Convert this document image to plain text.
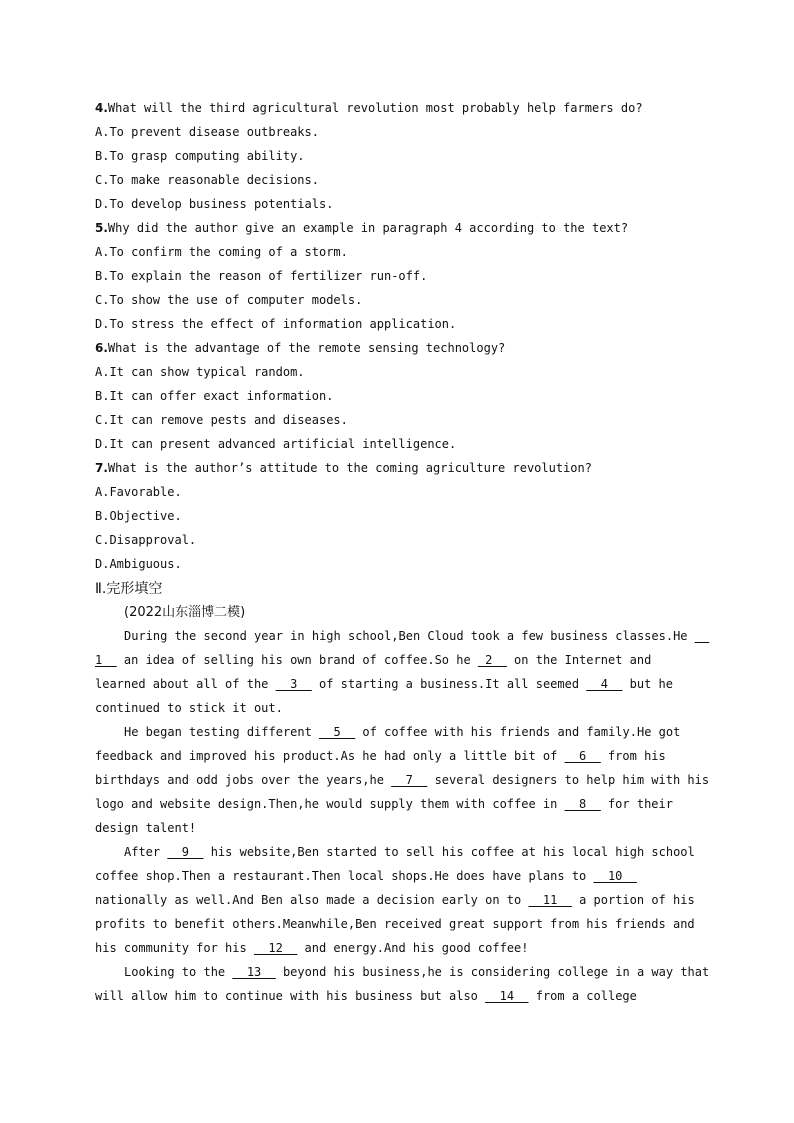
4.What will the third agricultural revolution most probably help farmers do?
A.To prevent disease outbreaks.
B.To grasp computing ability.
C.To make reasonable decisions.
D.To develop business potentials.
5.Why did the author give an example in paragraph 4 according to the text?
A.To confirm the coming of a storm.
B.To explain the reason of fertilizer run-off.
C.To show the use of computer models.
D.To stress the effect of information application.
6.What is the advantage of the remote sensing technology?
A.It can show typical random.
B.It can offer exact information.
C.It can remove pests and diseases.
D.It can present advanced artificial intelligence.
7.What is the author’s attitude to the coming agriculture revolution?
A.Favorable.
B.Objective.
C.Disapproval.
D.Ambiguous.
Ⅱ.完形填空
(2022山东淄博二模)
During the second year in high school,Ben Cloud took a few business classes.He __
1__ an idea of selling his own brand of coffee.So he _2__ on the Internet and
learned about all of the __3__ of starting a business.It all seemed __4__ but he
continued to stick it out.
He began testing different __5__ of coffee with his friends and family.He got
feedback and improved his product.As he had only a little bit of __6__ from his
birthdays and odd jobs over the years,he __7__ several designers to help him with his
logo and website design.Then,he would supply them with coffee in __8__ for their
design talent!
After __9__ his website,Ben started to sell his coffee at his local high school
coffee shop.Then a restaurant.Then local shops.He does have plans to __10__
nationally as well.And Ben also made a decision early on to __11__ a portion of his
profits to benefit others.Meanwhile,Ben received great support from his friends and
his community for his __12__ and energy.And his good coffee!
Looking to the __13__ beyond his business,he is considering college in a way that
will allow him to continue with his business but also __14__ from a college
